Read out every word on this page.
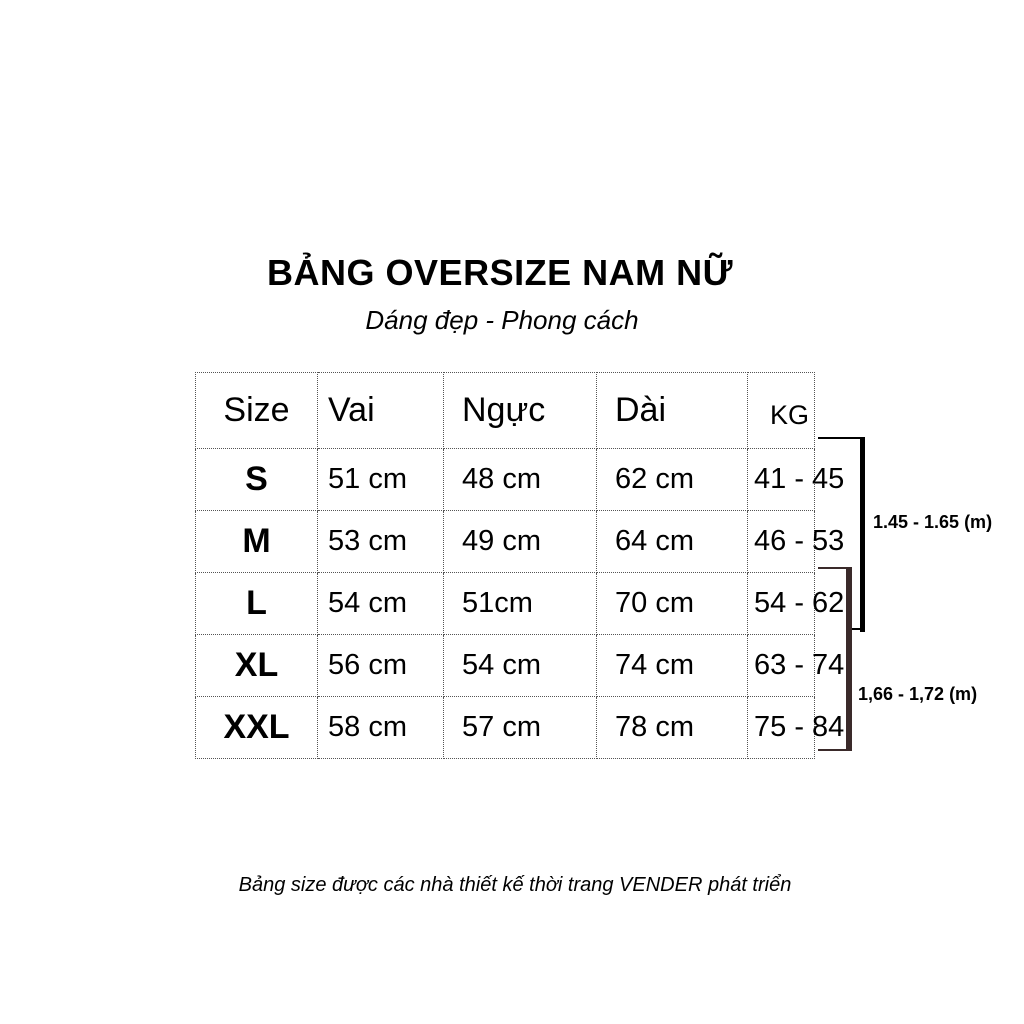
BẢNG OVERSIZE NAM NỮ
Dáng đẹp - Phong cách
Size	Vai	Ngực	Dài	KG
S	51 cm	48 cm	62 cm	41 - 45
M	53 cm	49 cm	64 cm	46 - 53
L	54 cm	51cm	70 cm	54 - 62
XL	56 cm	54 cm	74 cm	63 - 74
XXL	58 cm	57 cm	78 cm	75 - 84
1.45 - 1.65 (m)
1,66 - 1,72 (m)
Bảng size được các nhà thiết kế thời trang VENDER phát triển
